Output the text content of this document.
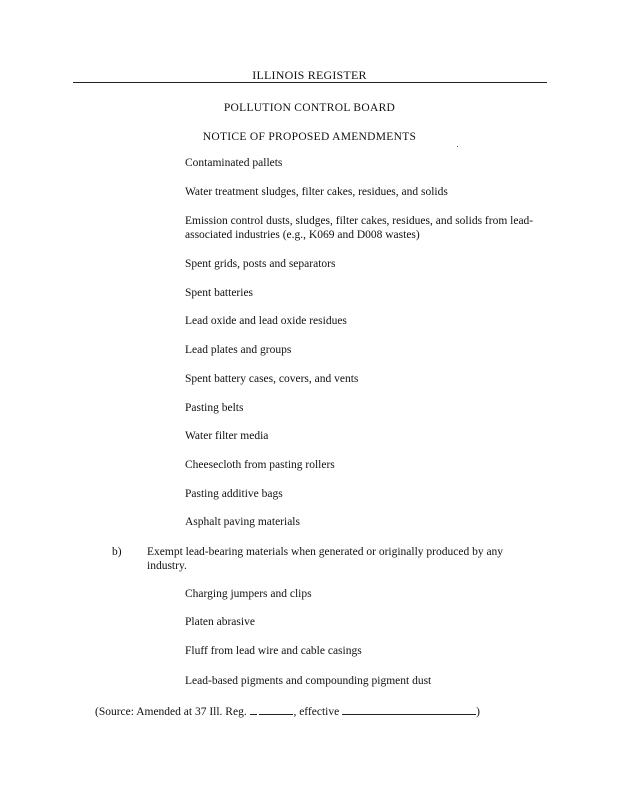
ILLINOIS REGISTER
POLLUTION CONTROL BOARD
NOTICE OF PROPOSED AMENDMENTS
Contaminated pallets
Water treatment sludges, filter cakes, residues, and solids
Emission control dusts, sludges, filter cakes, residues, and solids from lead-associated industries (e.g., K069 and D008 wastes)
Spent grids, posts and separators
Spent batteries
Lead oxide and lead oxide residues
Lead plates and groups
Spent battery cases, covers, and vents
Pasting belts
Water filter media
Cheesecloth from pasting rollers
Pasting additive bags
Asphalt paving materials
b) Exempt lead-bearing materials when generated or originally produced by any industry.
Charging jumpers and clips
Platen abrasive
Fluff from lead wire and cable casings
Lead-based pigments and compounding pigment dust
(Source: Amended at 37 Ill. Reg.	, effective	)
